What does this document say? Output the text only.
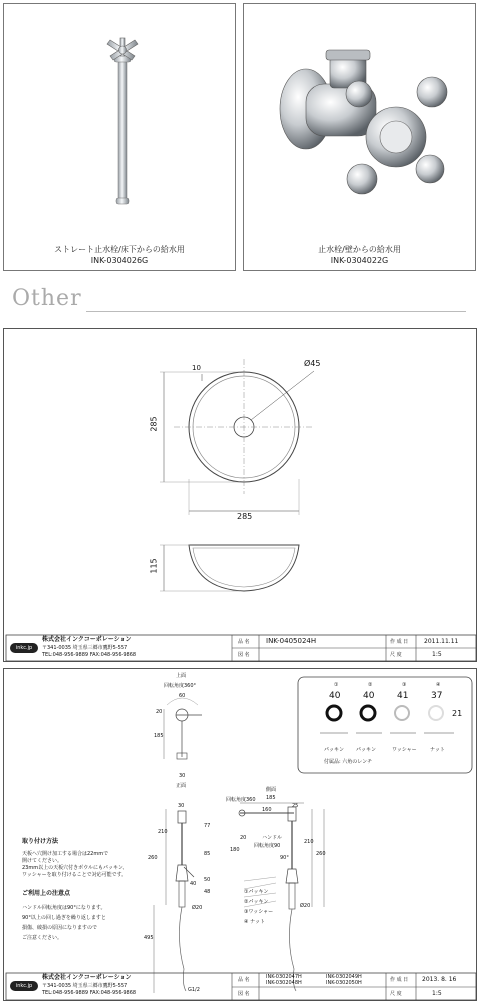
ストレート止水栓/床下からの給水用
INK-0304026G
止水栓/壁からの給水用
INK-0304022G
Other
Ø45
10
285
285
115
inkc.jp
株式会社インクコーポレーション
〒341-0035 埼玉県三郷市鷹野5-557
TEL:048-956-9889 FAX:048-956-9868
品 名 INK-0405024H
図 名
作 成 日	2011.11.11
尺 度	1:5
上面
回転角度360°
60
20
185
30
正面
30
210
260
77
85
40
50
48
Ø20
495
G1/2
側面
回転角度360 185
25
160
20
180
ハンドル
回転角度90
90°
210
260
Ø20
①パッキン
②パッキン
③ワッシャー
④ ナット
①	②	③	④
40	40	41	37
21
パッキン パッキン	ワッシャー	ナット
付属品: 六角のレンチ
取り付け方法
天板へ穴開け加工する場合は22mmで
開けてください。
23mm以上の天板穴付きボウルにもパッキン、
ワッシャーを取り付けることで対応可能です。
ご利用上の注意点
ハンドル回転角度は90°になります。
90°以上の回し過ぎを繰り返しますと
損傷、破損の原因になりますので
ご注意ください。
inkc.jp
株式会社インクコーポレーション
〒341-0035 埼玉県三郷市鷹野5-557
TEL:048-956-9889 FAX:048-956-9868
品 名	INK-0302047H
INK-0302048H
INK-0302049H
INK-0302050H
図 名
作 成 日 2013. 8. 16
尺 度	1:5
